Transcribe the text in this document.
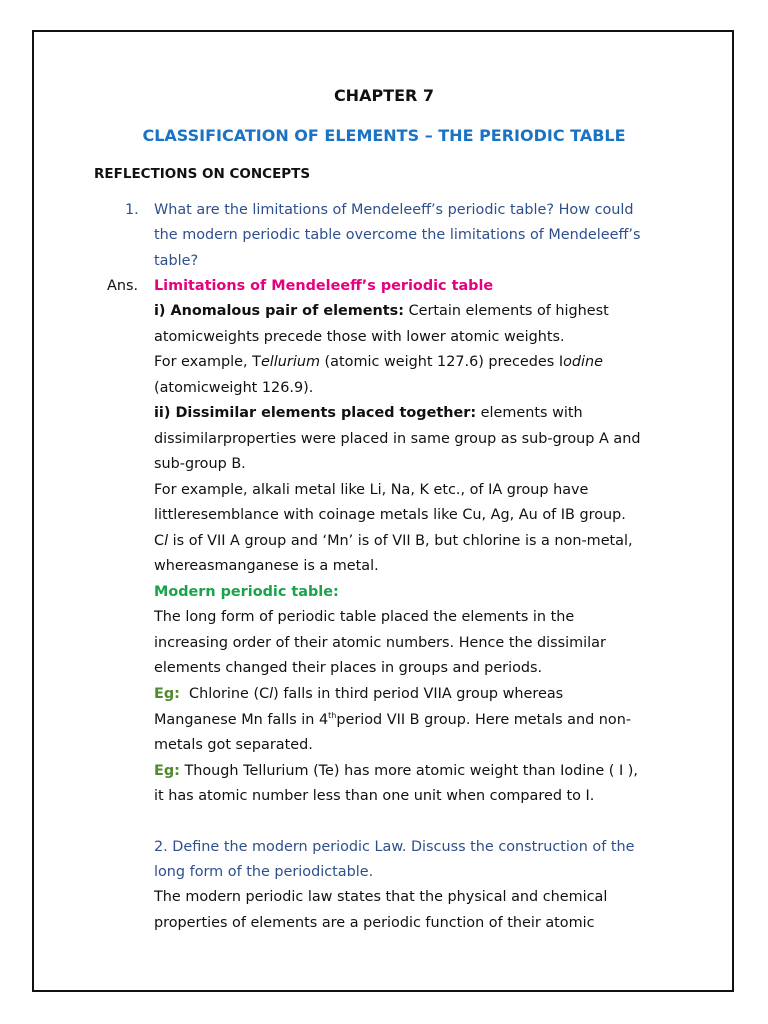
CHAPTER 7
CLASSIFICATION OF ELEMENTS – THE PERIODIC TABLE
REFLECTIONS ON CONCEPTS
1. What are the limitations of Mendeleeff’s periodic table? How could
the modern periodic table overcome the limitations of Mendeleeff’s
table?
Ans. Limitations of Mendeleeff’s periodic table
i) Anomalous pair of elements: Certain elements of highest
atomicweights precede those with lower atomic weights.
For example, Tellurium (atomic weight 127.6) precedes Iodine
(atomicweight 126.9).
ii) Dissimilar elements placed together: elements with
dissimilarproperties were placed in same group as sub-group A and
sub-group B.
For example, alkali metal like Li, Na, K etc., of IA group have
littleresemblance with coinage metals like Cu, Ag, Au of IB group.
Cl is of VII A group and ‘Mn’ is of VII B, but chlorine is a non-metal,
whereasmanganese is a metal.
Modern periodic table:
The long form of periodic table placed the elements in the
increasing order of their atomic numbers. Hence the dissimilar
elements changed their places in groups and periods.
Eg:  Chlorine (Cl) falls in third period VIIA group whereas
Manganese Mn falls in 4thperiod VII B group. Here metals and non-
metals got separated.
Eg: Though Tellurium (Te) has more atomic weight than Iodine ( I ),
it has atomic number less than one unit when compared to I.
2. Define the modern periodic Law. Discuss the construction of the
long form of the periodictable.
The modern periodic law states that the physical and chemical
properties of elements are a periodic function of their atomic
